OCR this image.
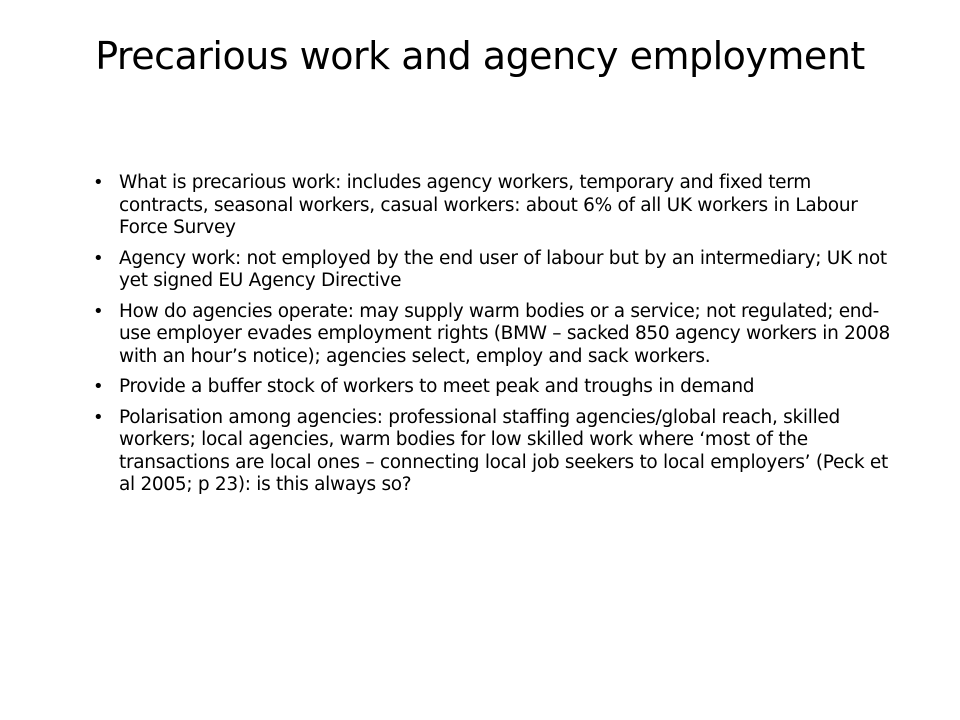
Precarious work and agency employment
• What is precarious work: includes agency workers, temporary and fixed term contracts, seasonal workers, casual workers: about 6% of all UK workers in Labour Force Survey
• Agency work: not employed by the end user of labour but by an intermediary; UK not yet signed EU Agency Directive
• How do agencies operate: may supply warm bodies or a service; not regulated; end-use employer evades employment rights (BMW – sacked 850 agency workers in 2008 with an hour’s notice); agencies select, employ and sack workers.
• Provide a buffer stock of workers to meet peak and troughs in demand
• Polarisation among agencies: professional staffing agencies/global reach, skilled workers; local agencies, warm bodies for low skilled work where ‘most of the transactions are local ones – connecting local job seekers to local employers’ (Peck et al 2005; p 23): is this always so?
